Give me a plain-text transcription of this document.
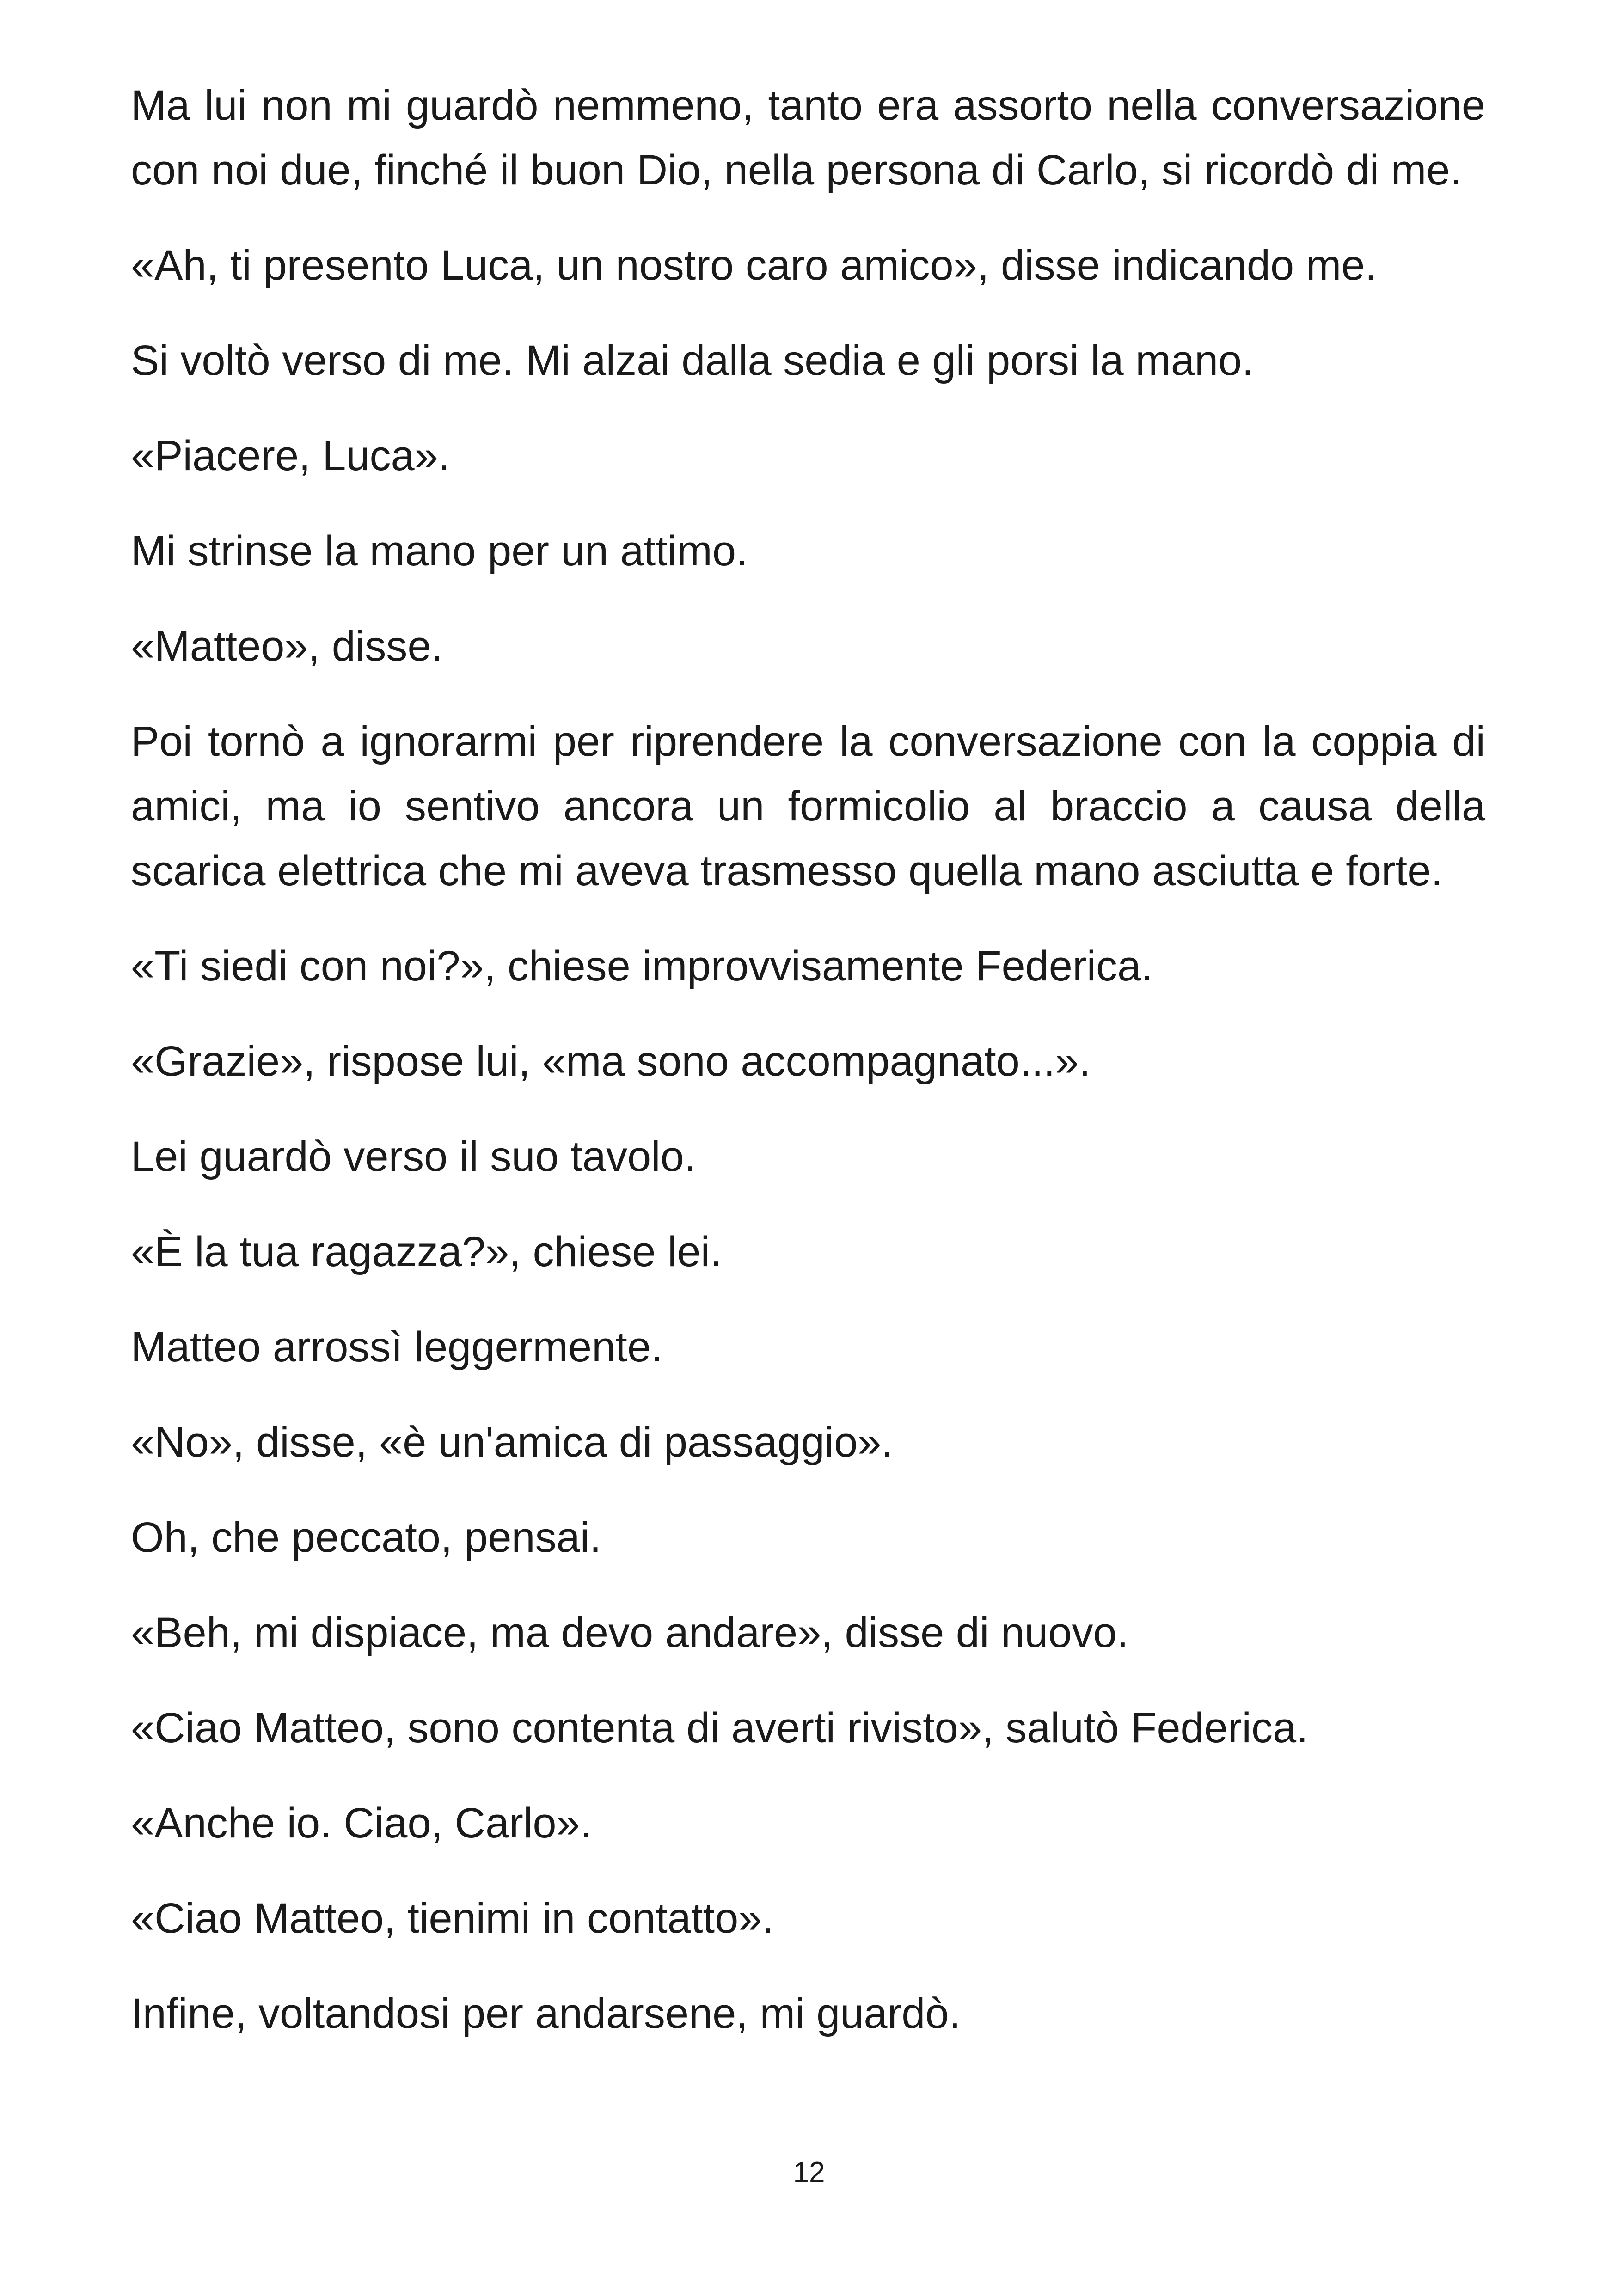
Ma lui non mi guardò nemmeno, tanto era assorto nella conversazione con noi due, finché il buon Dio, nella persona di Carlo, si ricordò di me.

«Ah, ti presento Luca, un nostro caro amico», disse indicando me.

Si voltò verso di me. Mi alzai dalla sedia e gli porsi la mano.

«Piacere, Luca».

Mi strinse la mano per un attimo.

«Matteo», disse.

Poi tornò a ignorarmi per riprendere la conversazione con la coppia di amici, ma io sentivo ancora un formicolio al braccio a causa della scarica elettrica che mi aveva trasmesso quella mano asciutta e forte.

«Ti siedi con noi?», chiese improvvisamente Federica.

«Grazie», rispose lui, «ma sono accompagnato...».

Lei guardò verso il suo tavolo.

«È la tua ragazza?», chiese lei.

Matteo arrossì leggermente.

«No», disse, «è un'amica di passaggio».

Oh, che peccato, pensai.

«Beh, mi dispiace, ma devo andare», disse di nuovo.

«Ciao Matteo, sono contenta di averti rivisto», salutò Federica.

«Anche io. Ciao, Carlo».

«Ciao Matteo, tienimi in contatto».

Infine, voltandosi per andarsene, mi guardò.

12
